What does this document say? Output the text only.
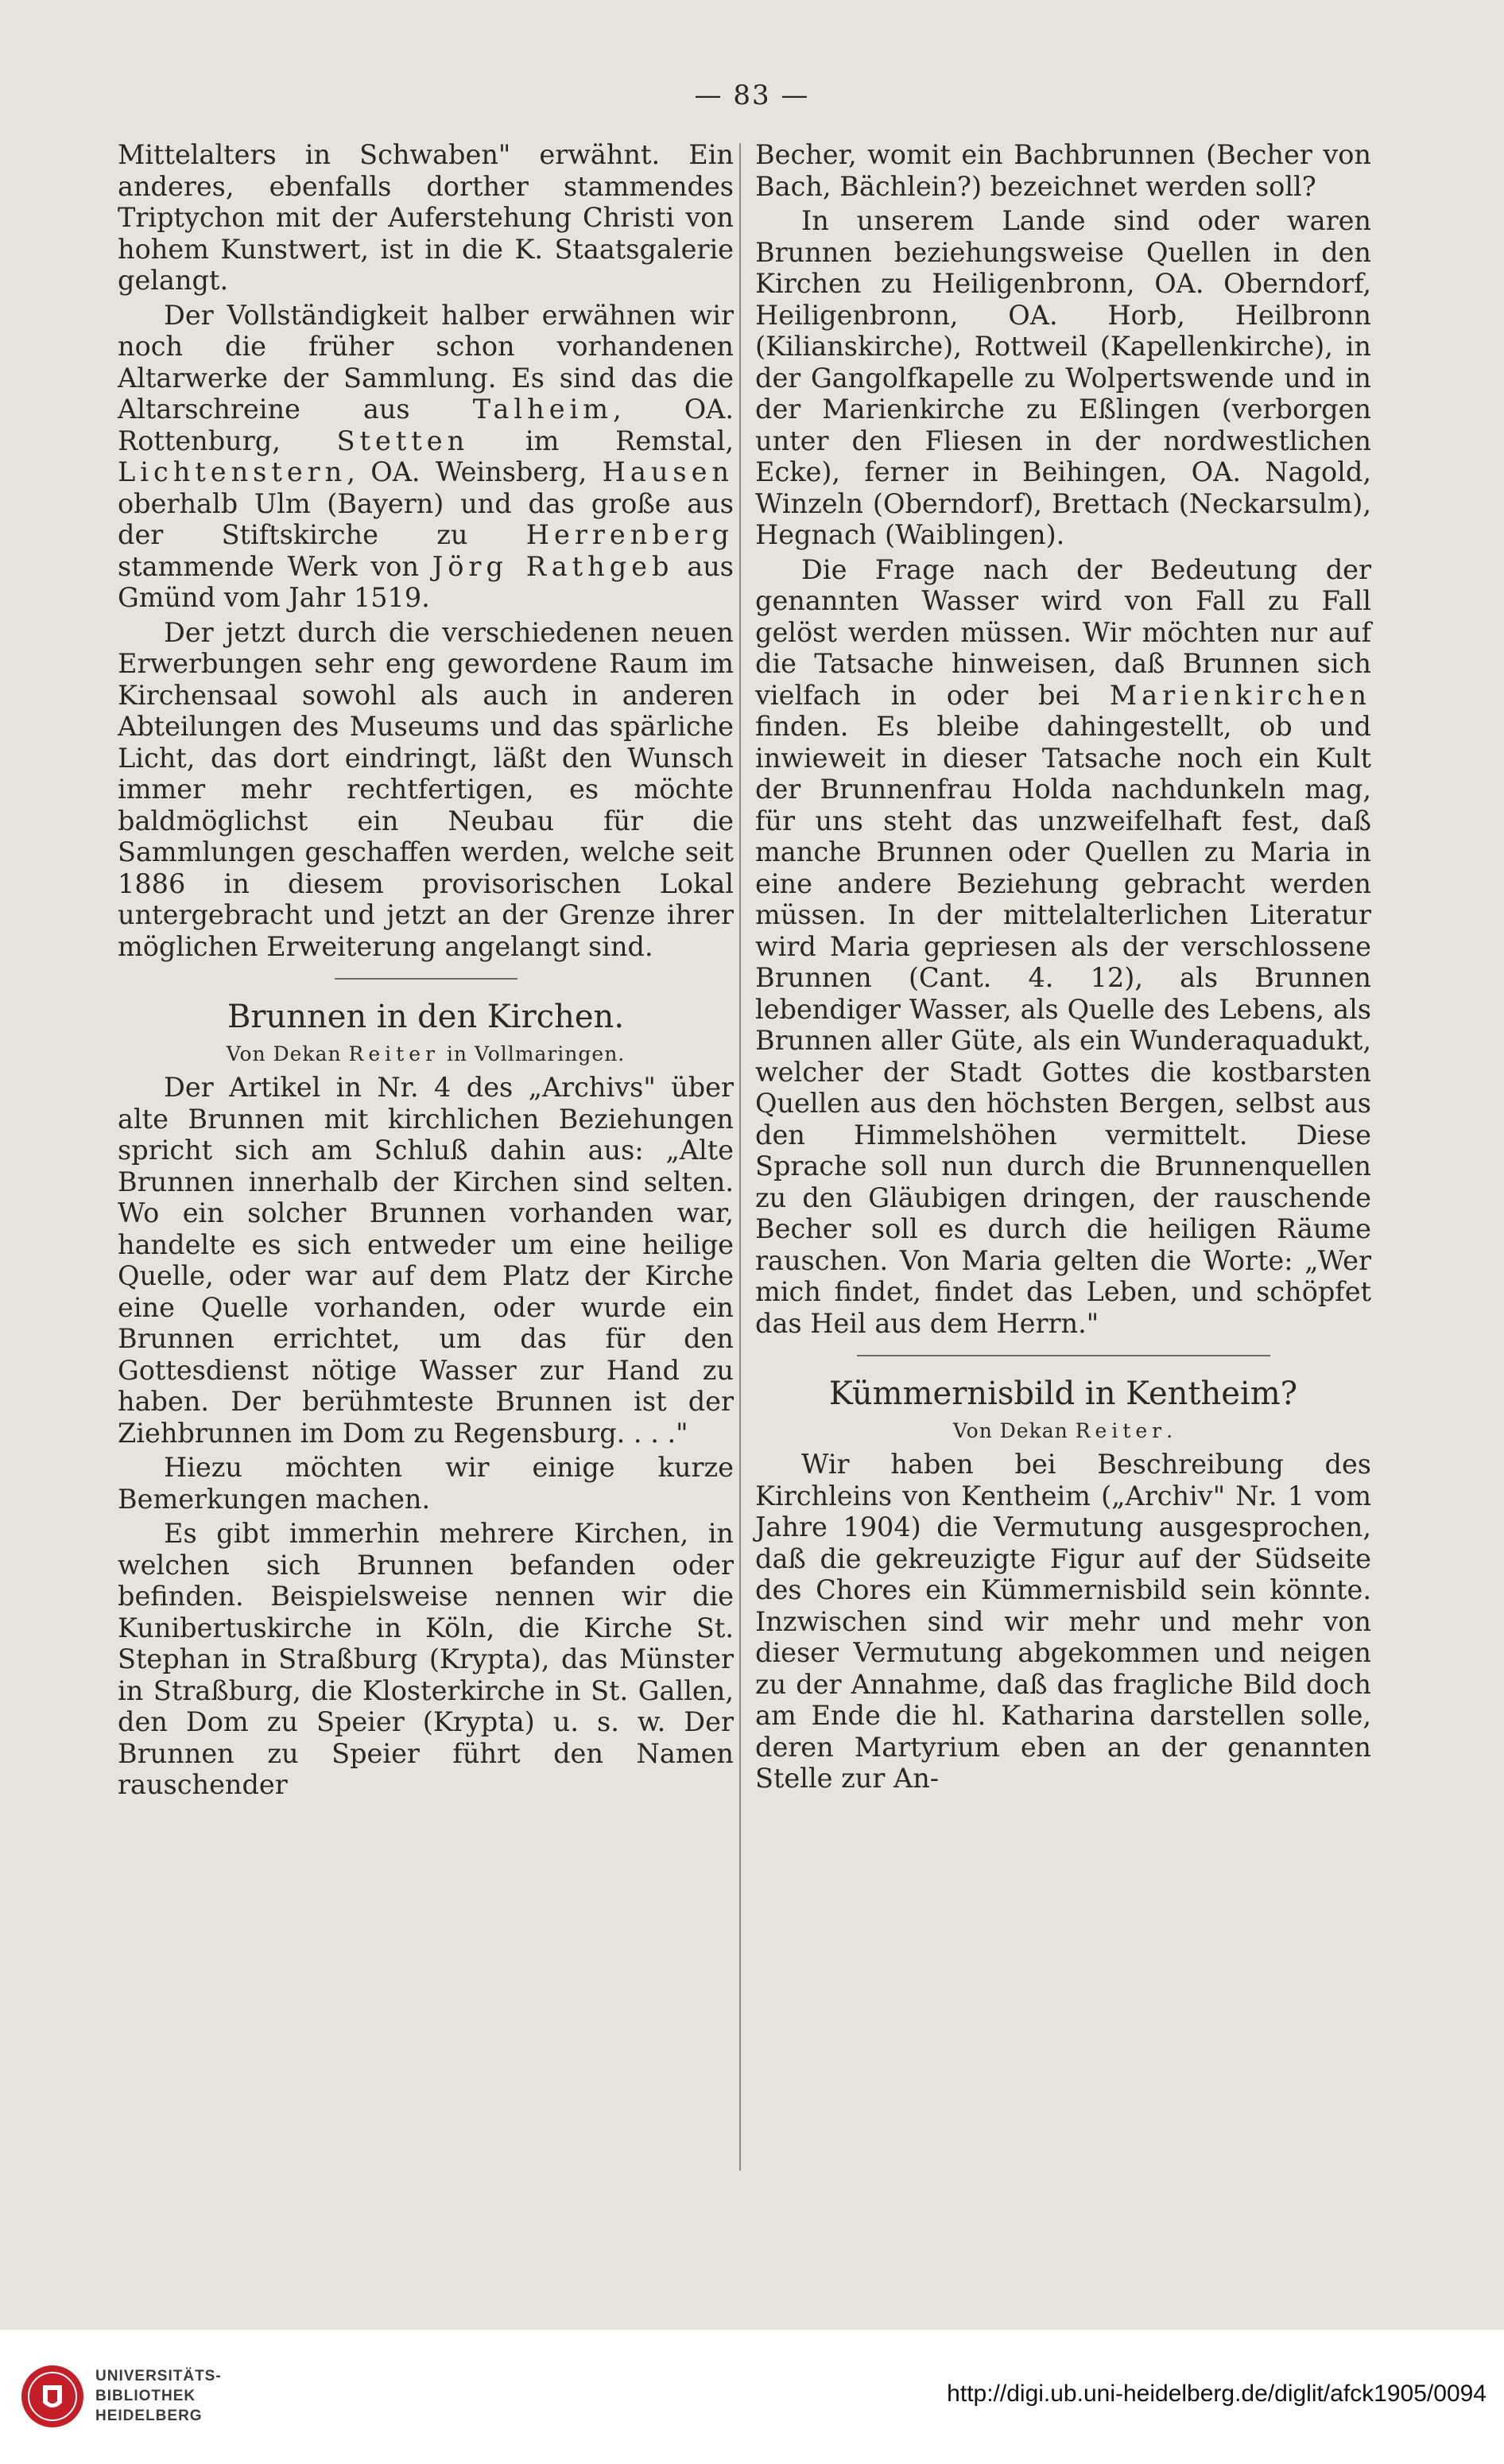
— 83 —

Mittelalters in Schwaben" erwähnt. Ein anderes, ebenfalls dorther stammendes Triptychon mit der Auferstehung Christi von hohem Kunstwert, ist in die K. Staatsgalerie gelangt.

Der Vollständigkeit halber erwähnen wir noch die früher schon vorhandenen Altarwerke der Sammlung. Es sind das die Altarschreine aus Talheim, OA. Rottenburg, Stetten im Remstal, Lichtenstern, OA. Weinsberg, Hausen oberhalb Ulm (Bayern) und das große aus der Stiftskirche zu Herrenberg stammende Werk von Jörg Rathgeb aus Gmünd vom Jahr 1519.

Der jetzt durch die verschiedenen neuen Erwerbungen sehr eng gewordene Raum im Kirchensaal sowohl als auch in anderen Abteilungen des Museums und das spärliche Licht, das dort eindringt, läßt den Wunsch immer mehr rechtfertigen, es möchte baldmöglichst ein Neubau für die Sammlungen geschaffen werden, welche seit 1886 in diesem provisorischen Lokal untergebracht und jetzt an der Grenze ihrer möglichen Erweiterung angelangt sind.

Brunnen in den Kirchen.
Von Dekan Reiter in Vollmaringen.

Der Artikel in Nr. 4 des „Archivs" über alte Brunnen mit kirchlichen Beziehungen spricht sich am Schluß dahin aus: „Alte Brunnen innerhalb der Kirchen sind selten. Wo ein solcher Brunnen vorhanden war, handelte es sich entweder um eine heilige Quelle, oder war auf dem Platz der Kirche eine Quelle vorhanden, oder wurde ein Brunnen errichtet, um das für den Gottesdienst nötige Wasser zur Hand zu haben. Der berühmteste Brunnen ist der Ziehbrunnen im Dom zu Regensburg. . . ."

Hiezu möchten wir einige kurze Bemerkungen machen.

Es gibt immerhin mehrere Kirchen, in welchen sich Brunnen befanden oder befinden. Beispielsweise nennen wir die Kunibertuskirche in Köln, die Kirche St. Stephan in Straßburg (Krypta), das Münster in Straßburg, die Klosterkirche in St. Gallen, den Dom zu Speier (Krypta) u. s. w. Der Brunnen zu Speier führt den Namen rauschender

Becher, womit ein Bachbrunnen (Becher von Bach, Bächlein?) bezeichnet werden soll?

In unserem Lande sind oder waren Brunnen beziehungsweise Quellen in den Kirchen zu Heiligenbronn, OA. Oberndorf, Heiligenbronn, OA. Horb, Heilbronn (Kilianskirche), Rottweil (Kapellenkirche), in der Gangolfkapelle zu Wolpertswende und in der Marienkirche zu Eßlingen (verborgen unter den Fliesen in der nordwestlichen Ecke), ferner in Beihingen, OA. Nagold, Winzeln (Oberndorf), Brettach (Neckarsulm), Hegnach (Waiblingen).

Die Frage nach der Bedeutung der genannten Wasser wird von Fall zu Fall gelöst werden müssen. Wir möchten nur auf die Tatsache hinweisen, daß Brunnen sich vielfach in oder bei Marienkirchen finden. Es bleibe dahingestellt, ob und inwieweit in dieser Tatsache noch ein Kult der Brunnenfrau Holda nachdunkeln mag, für uns steht das unzweifelhaft fest, daß manche Brunnen oder Quellen zu Maria in eine andere Beziehung gebracht werden müssen. In der mittelalterlichen Literatur wird Maria gepriesen als der verschlossene Brunnen (Cant. 4. 12), als Brunnen lebendiger Wasser, als Quelle des Lebens, als Brunnen aller Güte, als ein Wunderaquadukt, welcher der Stadt Gottes die kostbarsten Quellen aus den höchsten Bergen, selbst aus den Himmelshöhen vermittelt. Diese Sprache soll nun durch die Brunnenquellen zu den Gläubigen dringen, der rauschende Becher soll es durch die heiligen Räume rauschen. Von Maria gelten die Worte: „Wer mich findet, findet das Leben, und schöpfet das Heil aus dem Herrn."

Kümmernisbild in Kentheim?
Von Dekan Reiter.

Wir haben bei Beschreibung des Kirchleins von Kentheim („Archiv" Nr. 1 vom Jahre 1904) die Vermutung ausgesprochen, daß die gekreuzigte Figur auf der Südseite des Chores ein Kümmernisbild sein könnte. Inzwischen sind wir mehr und mehr von dieser Vermutung abgekommen und neigen zu der Annahme, daß das fragliche Bild doch am Ende die hl. Katharina darstellen solle, deren Martyrium eben an der genannten Stelle zur An-

UNIVERSITÄTS-
BIBLIOTHEK
HEIDELBERG
http://digi.ub.uni-heidelberg.de/diglit/afck1905/0094
